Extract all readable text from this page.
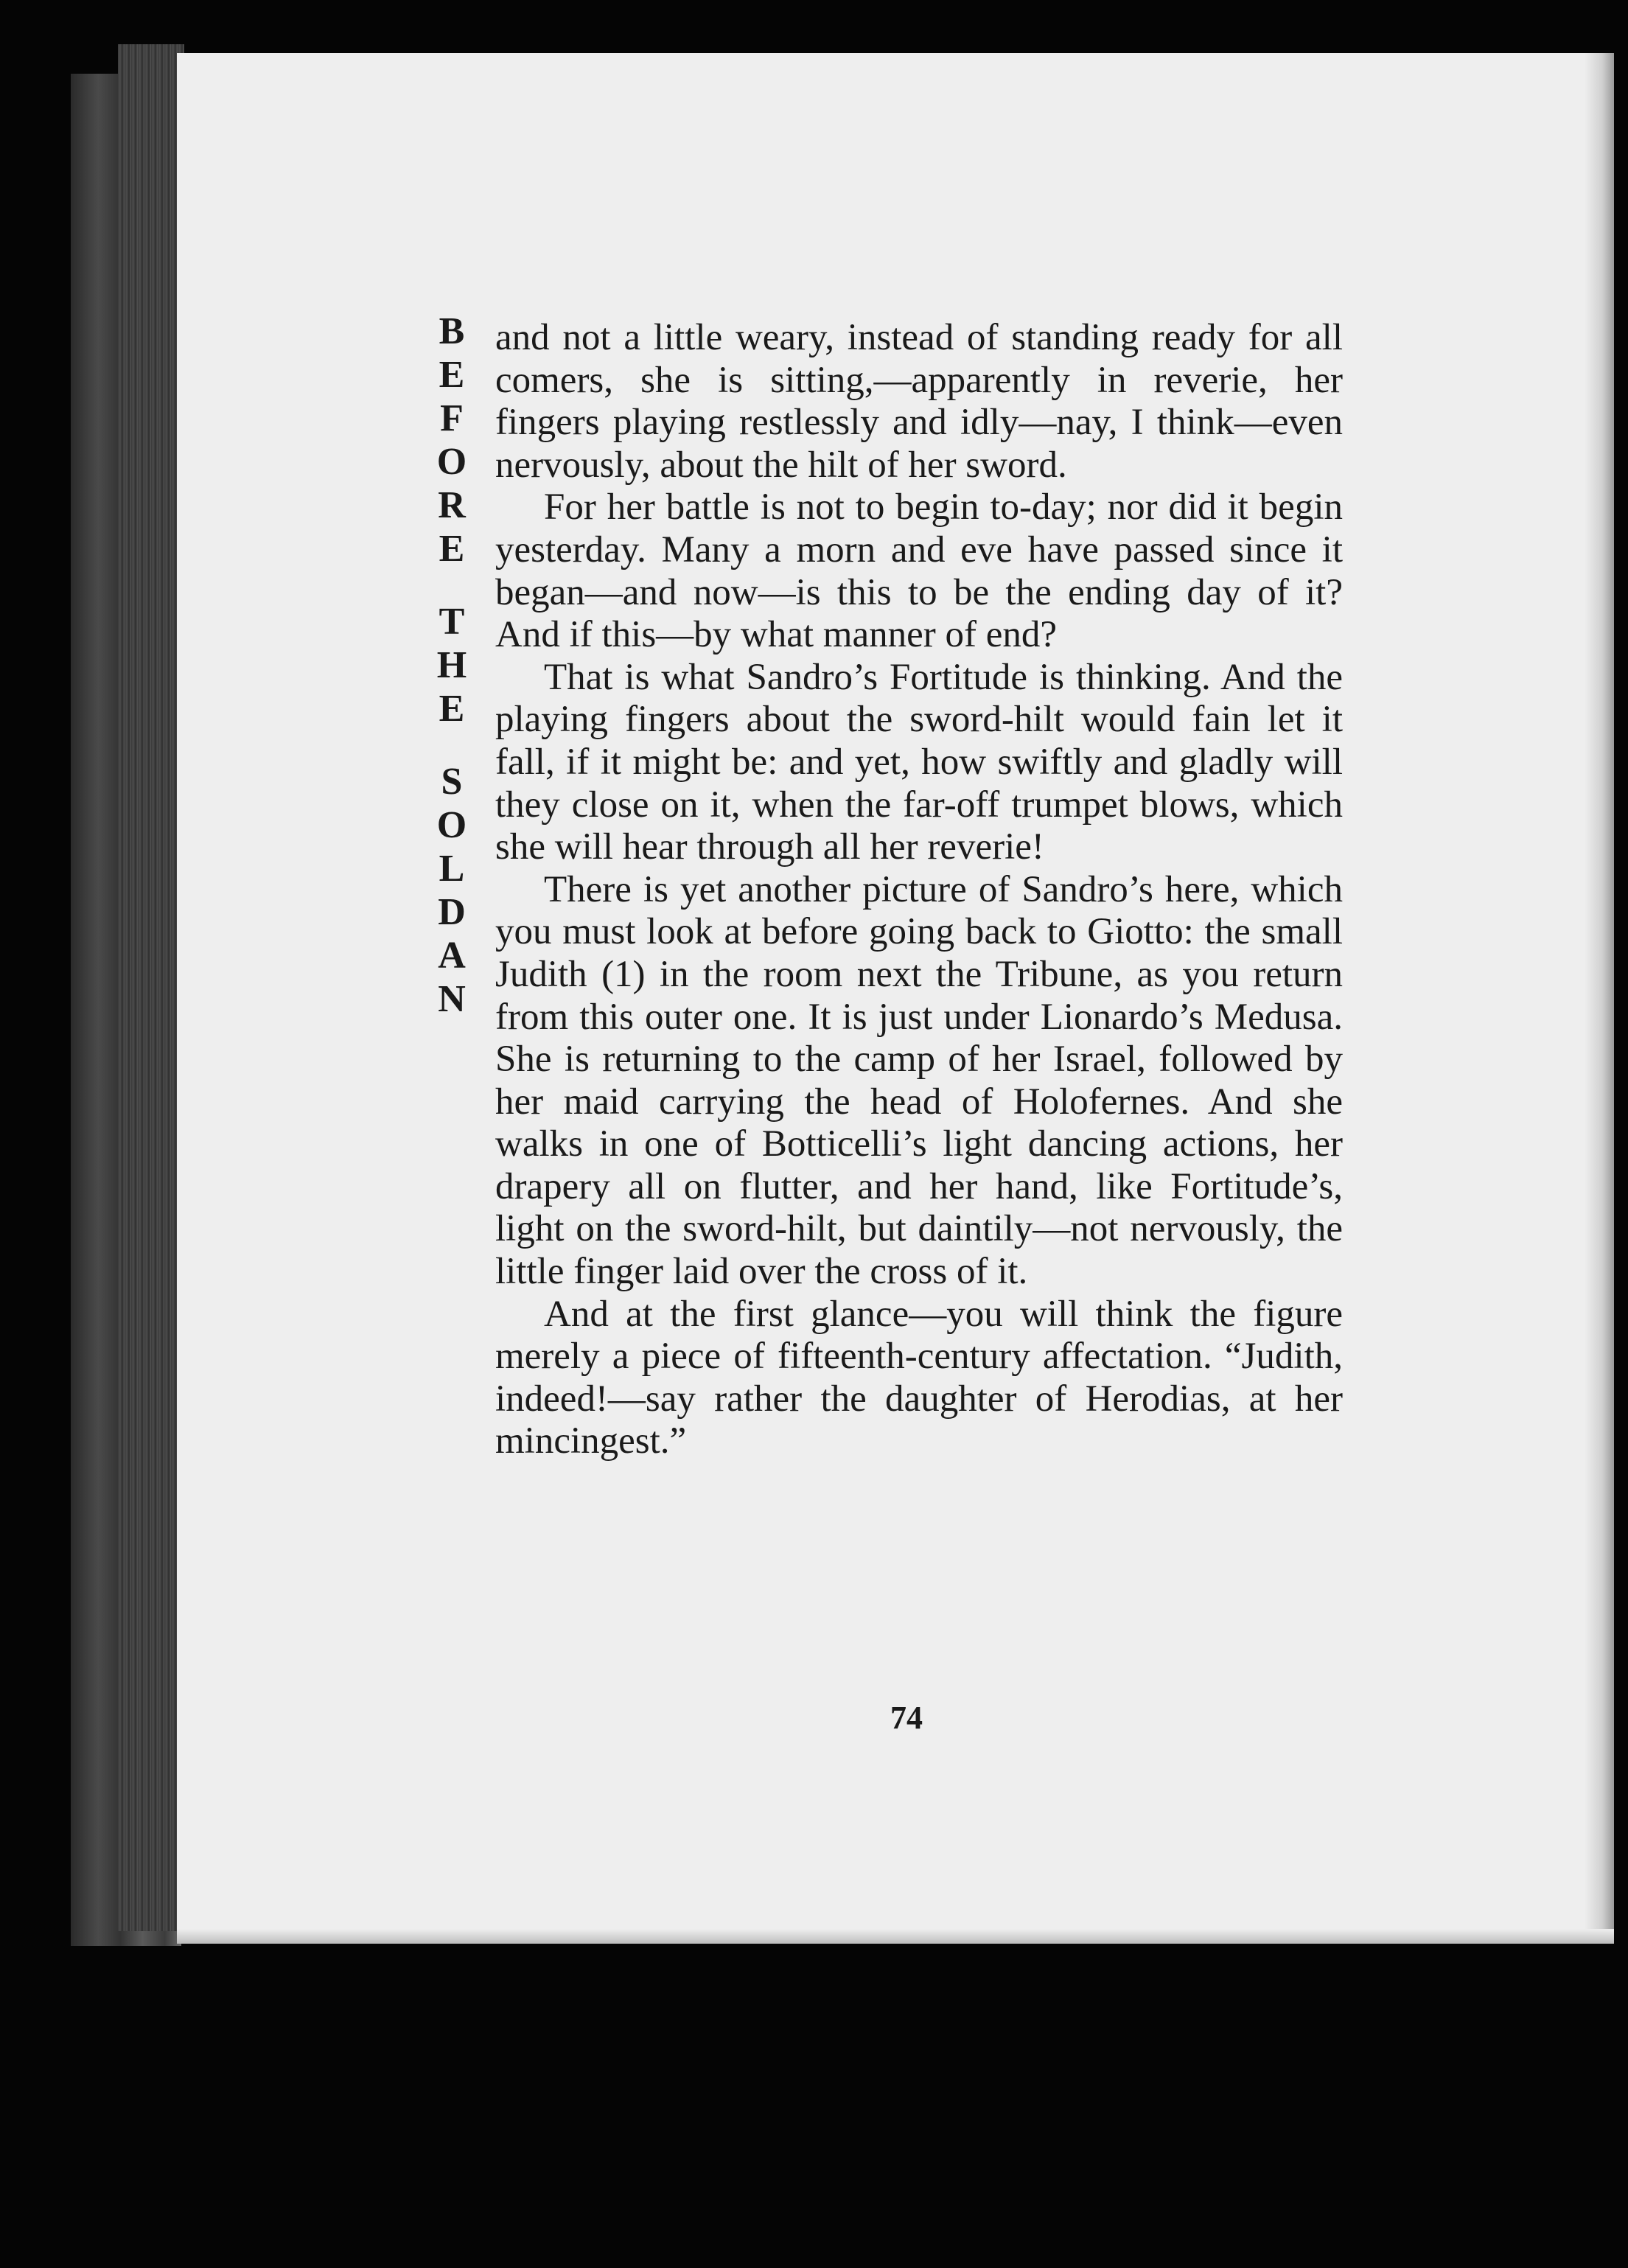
B
E
F
O
R
E
T
H
E
S
O
L
D
A
N

and not a little weary, instead of standing ready for all comers, she is sitting,—apparently in reverie, her fingers playing restlessly and idly—nay, I think—even nervously, about the hilt of her sword.

For her battle is not to begin to-day; nor did it begin yesterday. Many a morn and eve have passed since it began—and now—is this to be the ending day of it? And if this—by what manner of end?

That is what Sandro’s Fortitude is thinking. And the playing fingers about the sword-hilt would fain let it fall, if it might be: and yet, how swiftly and gladly will they close on it, when the far-off trumpet blows, which she will hear through all her reverie!

There is yet another picture of Sandro’s here, which you must look at before going back to Giotto: the small Judith (1) in the room next the Tribune, as you return from this outer one. It is just under Lionardo’s Medusa. She is returning to the camp of her Israel, followed by her maid carrying the head of Holofernes. And she walks in one of Botticelli’s light dancing actions, her drapery all on flutter, and her hand, like Fortitude’s, light on the sword-hilt, but daintily—not nervously, the little finger laid over the cross of it.

And at the first glance—you will think the figure merely a piece of fifteenth-century affectation. “Judith, indeed!—say rather the daughter of Herodias, at her mincingest.”

74
